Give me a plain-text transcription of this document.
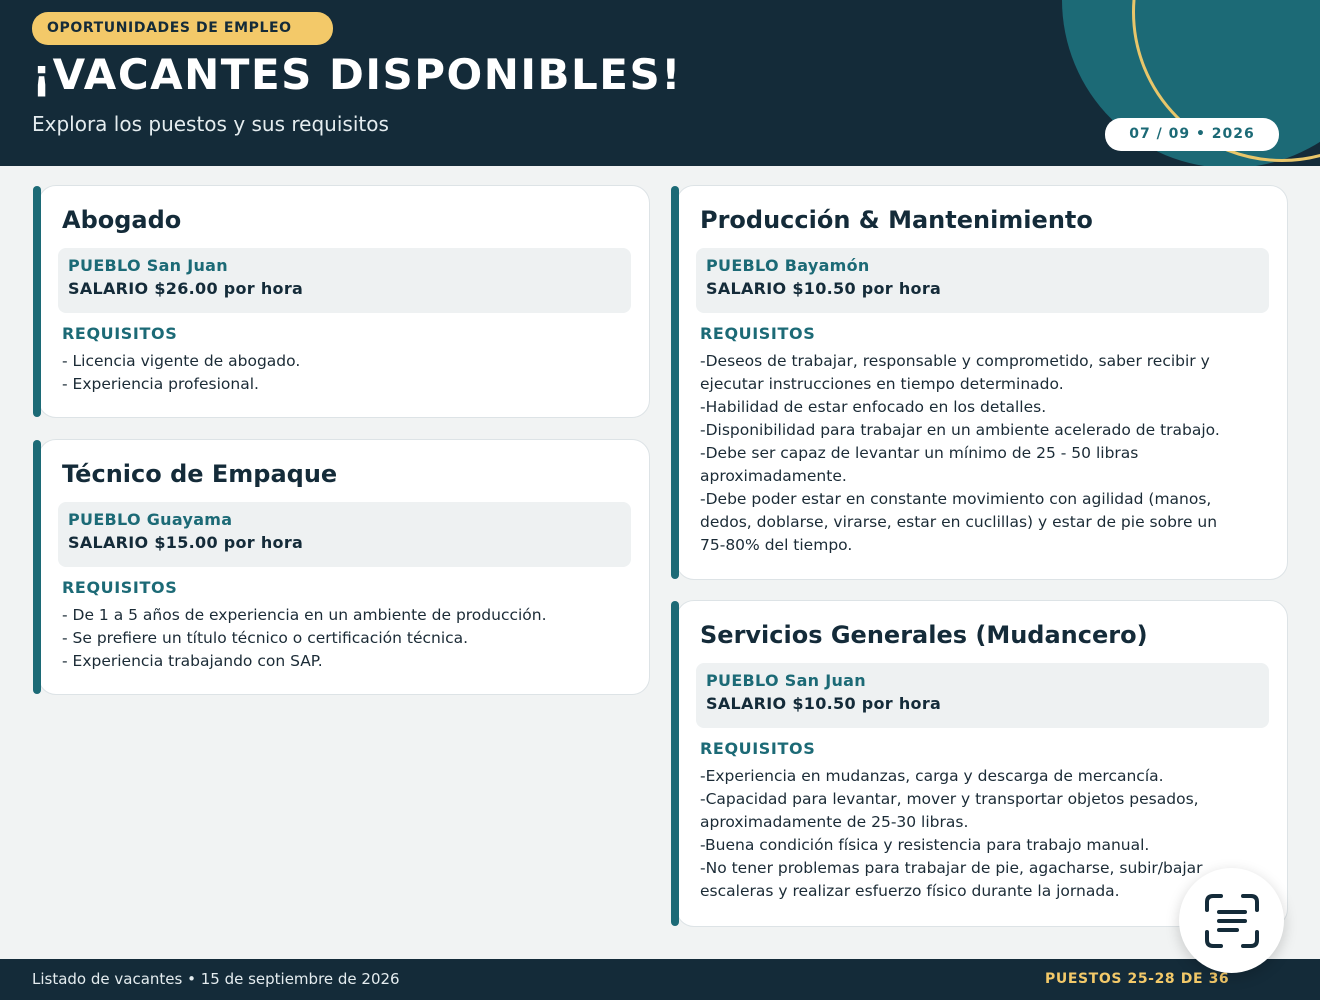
OPORTUNIDADES DE EMPLEO
¡VACANTES DISPONIBLES!
Explora los puestos y sus requisitos	07 / 09 • 2026
Abogado
PUEBLO San Juan
SALARIO $26.00 por hora
REQUISITOS
- Licencia vigente de abogado.
- Experiencia profesional.
Técnico de Empaque
PUEBLO Guayama
SALARIO $15.00 por hora
REQUISITOS
- De 1 a 5 años de experiencia en un ambiente de producción.
- Se prefiere un título técnico o certificación técnica.
- Experiencia trabajando con SAP.
Producción & Mantenimiento
PUEBLO Bayamón
SALARIO $10.50 por hora
REQUISITOS
-Deseos de trabajar, responsable y comprometido, saber recibir y
ejecutar instrucciones en tiempo determinado.
-Habilidad de estar enfocado en los detalles.
-Disponibilidad para trabajar en un ambiente acelerado de trabajo.
-Debe ser capaz de levantar un mínimo de 25 - 50 libras
aproximadamente.
-Debe poder estar en constante movimiento con agilidad (manos,
dedos, doblarse, virarse, estar en cuclillas) y estar de pie sobre un
75-80% del tiempo.
Servicios Generales (Mudancero)
PUEBLO San Juan
SALARIO $10.50 por hora
REQUISITOS
-Experiencia en mudanzas, carga y descarga de mercancía.
-Capacidad para levantar, mover y transportar objetos pesados,
aproximadamente de 25-30 libras.
-Buena condición física y resistencia para trabajo manual.
-No tener problemas para trabajar de pie, agacharse, subir/bajar
escaleras y realizar esfuerzo físico durante la jornada.
Listado de vacantes • 15 de septiembre de 2026	PUESTOS 25-28 DE 36
